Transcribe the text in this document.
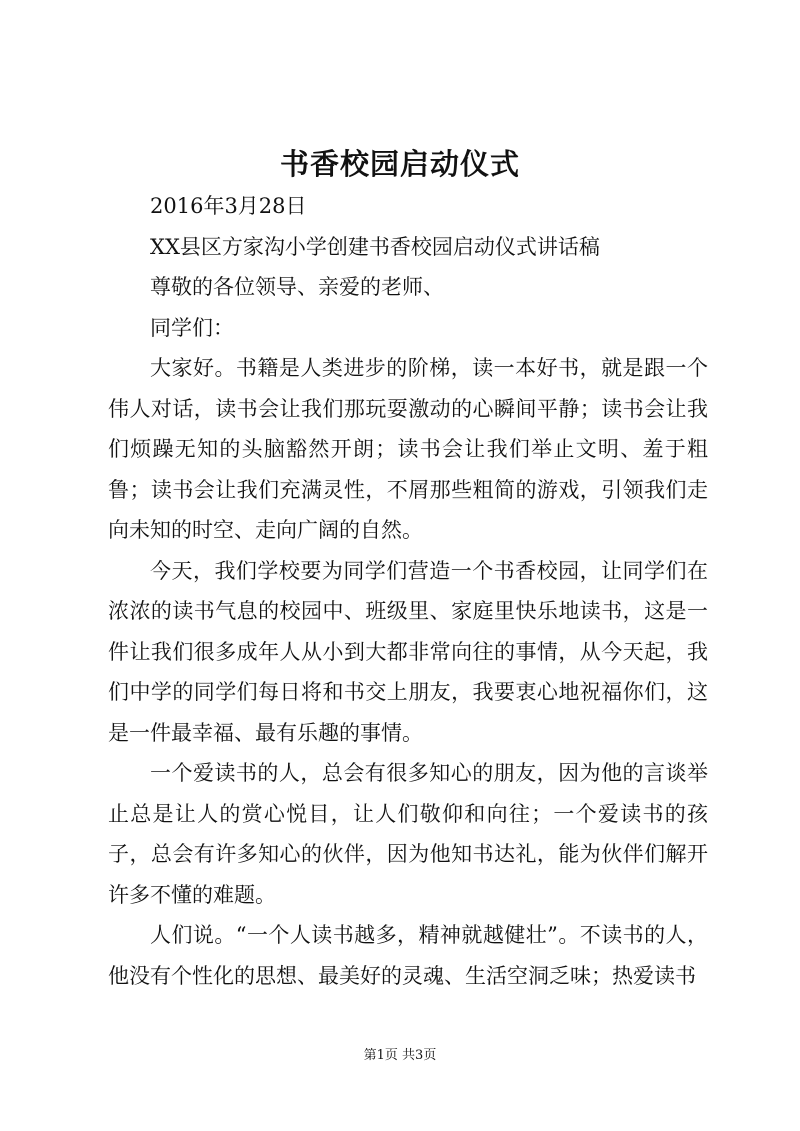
书香校园启动仪式

2016年3月28日

XX县区方家沟小学创建书香校园启动仪式讲话稿

尊敬的各位领导、亲爱的老师、

同学们：

大家好。书籍是人类进步的阶梯，读一本好书，就是跟一个伟人对话，读书会让我们那玩耍激动的心瞬间平静；读书会让我们烦躁无知的头脑豁然开朗；读书会让我们举止文明、羞于粗鲁；读书会让我们充满灵性，不屑那些粗简的游戏，引领我们走向未知的时空、走向广阔的自然。

今天，我们学校要为同学们营造一个书香校园，让同学们在浓浓的读书气息的校园中、班级里、家庭里快乐地读书，这是一件让我们很多成年人从小到大都非常向往的事情，从今天起，我们中学的同学们每日将和书交上朋友，我要衷心地祝福你们，这是一件最幸福、最有乐趣的事情。

一个爱读书的人，总会有很多知心的朋友，因为他的言谈举止总是让人的赏心悦目，让人们敬仰和向往；一个爱读书的孩子，总会有许多知心的伙伴，因为他知书达礼，能为伙伴们解开许多不懂的难题。

人们说。“一个人读书越多，精神就越健壮”。不读书的人，他没有个性化的思想、最美好的灵魂、生活空洞乏味；热爱读书

第1页 共3页
